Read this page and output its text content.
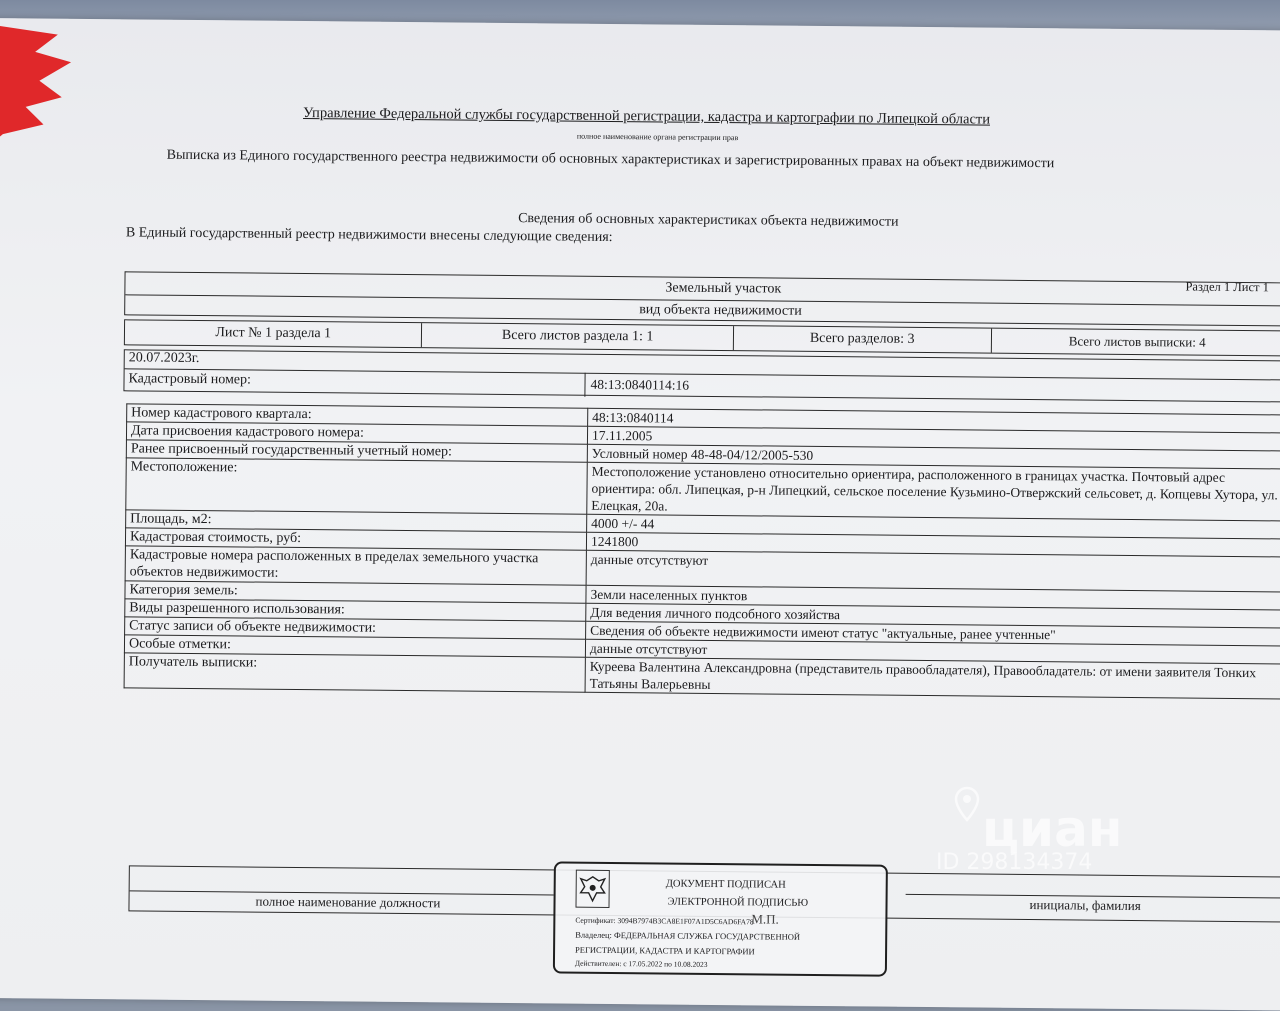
Управление Федеральной службы государственной регистрации, кадастра и картографии по Липецкой области
полное наименование органа регистрации прав
Выписка из Единого государственного реестра недвижимости об основных характеристиках и зарегистрированных правах на объект недвижимости
Сведения об основных характеристиках объекта недвижимости
В Единый государственный реестр недвижимости внесены следующие сведения:
Раздел 1 Лист 1
Земельный участок
вид объекта недвижимости
Лист № 1 раздела 1	Всего листов раздела 1: 1	Всего разделов: 3	Всего листов выписки: 4
20.07.2023г.
Кадастровый номер:	48:13:0840114:16
Номер кадастрового квартала:	48:13:0840114
Дата присвоения кадастрового номера:	17.11.2005
Ранее присвоенный государственный учетный номер:	Условный номер 48-48-04/12/2005-530
Местоположение:	Местоположение установлено относительно ориентира, расположенного в границах участка. Почтовый адрес ориентира: обл. Липецкая, р-н Липецкий, сельское поселение Кузьмино-Отвержский сельсовет, д. Копцевы Хутора, ул. Елецкая, 20а.
Площадь, м2:	4000 +/- 44
Кадастровая стоимость, руб:	1241800
Кадастровые номера расположенных в пределах земельного участка объектов недвижимости:	данные отсутствуют
Категория земель:	Земли населенных пунктов
Виды разрешенного использования:	Для ведения личного подсобного хозяйства
Статус записи об объекте недвижимости:	Сведения об объекте недвижимости имеют статус "актуальные, ранее учтенные"
Особые отметки:	данные отсутствуют
Получатель выписки:	Куреева Валентина Александровна (представитель правообладателя), Правообладатель: от имени заявителя Тонких Татьяны Валерьевны
полное наименование должности	инициалы, фамилия
ДОКУМЕНТ ПОДПИСАН
ЭЛЕКТРОННОЙ ПОДПИСЬЮ
М.П.
Сертификат: 3094B7974B3CA8E1F07A1D5C6AD6FA78
Владелец: ФЕДЕРАЛЬНАЯ СЛУЖБА ГОСУДАРСТВЕННОЙ
РЕГИСТРАЦИИ, КАДАСТРА И КАРТОГРАФИИ
Действителен: с 17.05.2022 по 10.08.2023
циан
ID 298134374
